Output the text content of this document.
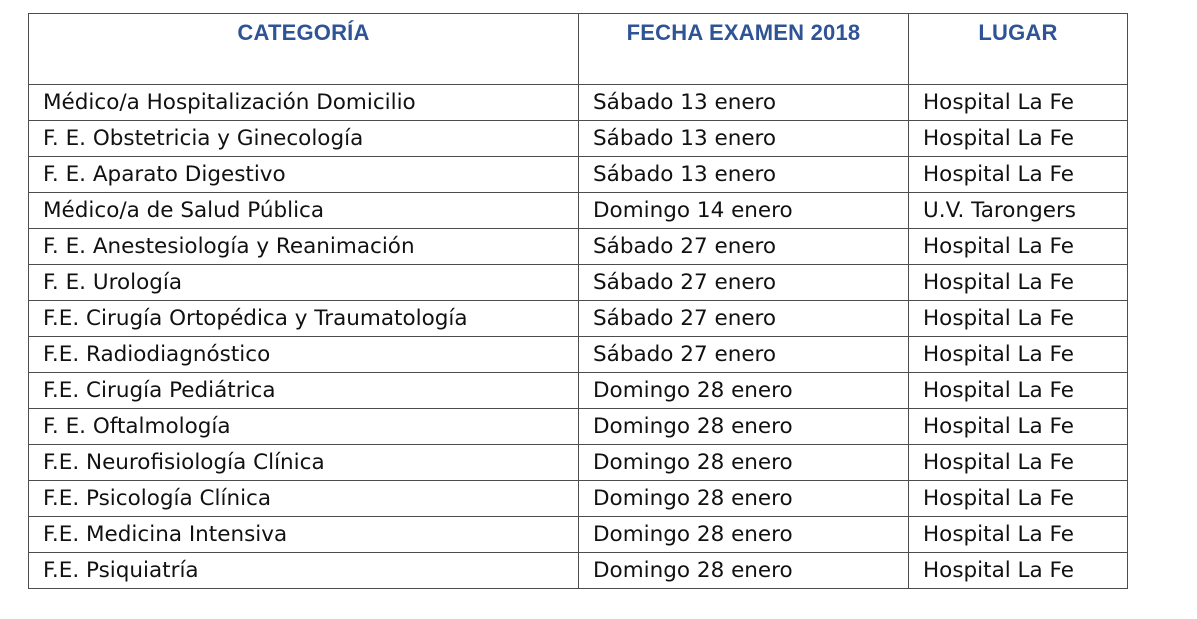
CATEGORÍA	FECHA EXAMEN 2018	LUGAR
Médico/a Hospitalización Domicilio	Sábado 13 enero	Hospital La Fe
F. E. Obstetricia y Ginecología	Sábado 13 enero	Hospital La Fe
F. E. Aparato Digestivo	Sábado 13 enero	Hospital La Fe
Médico/a de Salud Pública	Domingo 14 enero	U.V. Tarongers
F. E. Anestesiología y Reanimación	Sábado 27 enero	Hospital La Fe
F. E. Urología	Sábado 27 enero	Hospital La Fe
F.E. Cirugía Ortopédica y Traumatología	Sábado 27 enero	Hospital La Fe
F.E. Radiodiagnóstico	Sábado 27 enero	Hospital La Fe
F.E. Cirugía Pediátrica	Domingo 28 enero	Hospital La Fe
F. E. Oftalmología	Domingo 28 enero	Hospital La Fe
F.E. Neurofisiología Clínica	Domingo 28 enero	Hospital La Fe
F.E. Psicología Clínica	Domingo 28 enero	Hospital La Fe
F.E. Medicina Intensiva	Domingo 28 enero	Hospital La Fe
F.E. Psiquiatría	Domingo 28 enero	Hospital La Fe
